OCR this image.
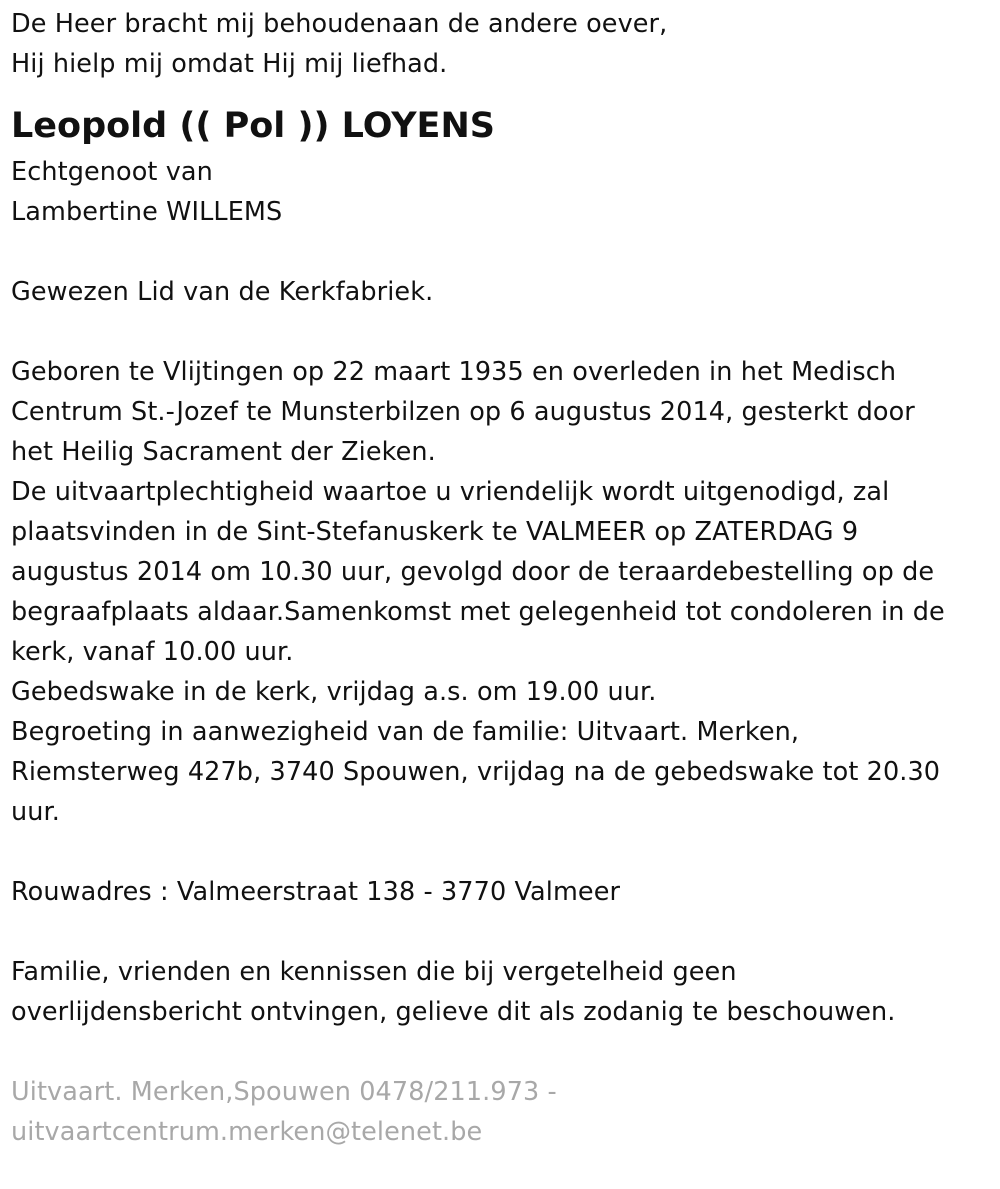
De Heer bracht mij behoudenaan de andere oever,

Hij hielp mij omdat Hij mij liefhad.

Leopold (( Pol )) LOYENS

Echtgenoot van

Lambertine WILLEMS

Gewezen Lid van de Kerkfabriek.

Geboren te Vlijtingen op 22 maart 1935 en overleden in het Medisch

Centrum St.-Jozef te Munsterbilzen op 6 augustus 2014, gesterkt door

het Heilig Sacrament der Zieken.

De uitvaartplechtigheid waartoe u vriendelijk wordt uitgenodigd, zal

plaatsvinden in de Sint-Stefanuskerk te VALMEER op ZATERDAG 9

augustus 2014 om 10.30 uur, gevolgd door de teraardebestelling op de

begraafplaats aldaar.Samenkomst met gelegenheid tot condoleren in de

kerk, vanaf 10.00 uur.

Gebedswake in de kerk, vrijdag a.s. om 19.00 uur.

Begroeting in aanwezigheid van de familie: Uitvaart. Merken,

Riemsterweg 427b, 3740 Spouwen, vrijdag na de gebedswake tot 20.30

uur.

Rouwadres : Valmeerstraat 138 - 3770 Valmeer

Familie, vrienden en kennissen die bij vergetelheid geen

overlijdensbericht ontvingen, gelieve dit als zodanig te beschouwen.

Uitvaart. Merken,Spouwen 0478/211.973 -

uitvaartcentrum.merken@telenet.be
